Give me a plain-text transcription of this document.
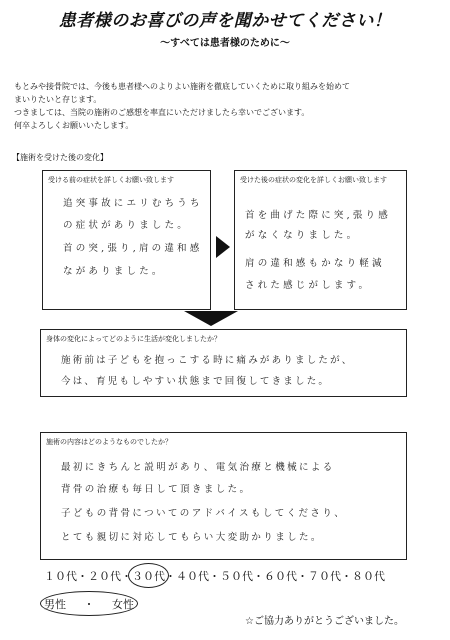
患者様のお喜びの声を聞かせてください！
～すべては患者様のために～
もとみや接骨院では、今後も患者様へのよりよい施術を徹底していくために取り組みを始めて
まいりたいと存じます。
つきましては、当院の施術のご感想を率直にいただけましたら幸いでございます。
何卒よろしくお願いいたします。
【施術を受けた後の変化】
受ける前の症状を詳しくお願い致します
追突事故にエリむちうち
の症状がありました。
首の突,張り,肩の違和感
ながありました。
受けた後の症状の変化を詳しくお願い致します
首を曲げた際に突,張り感
がなくなりました。
肩の違和感もかなり軽減
された感じがします。
身体の変化によってどのように生活が変化しましたか？
施術前は子どもを抱っこする時に痛みがありましたが、
今は、育児もしやすい状態まで回復してきました。
施術の内容はどのようなものでしたか？
最初にきちんと説明があり、電気治療と機械による
背骨の治療も毎日して頂きました。
子どもの背骨についてのアドバイスもしてくださり、
とても親切に対応してもらい大変助かりました。
１０代・２０代・３０代・４０代・５０代・６０代・７０代・８０代
男性 ・ 女性
☆ご協力ありがとうございました。
